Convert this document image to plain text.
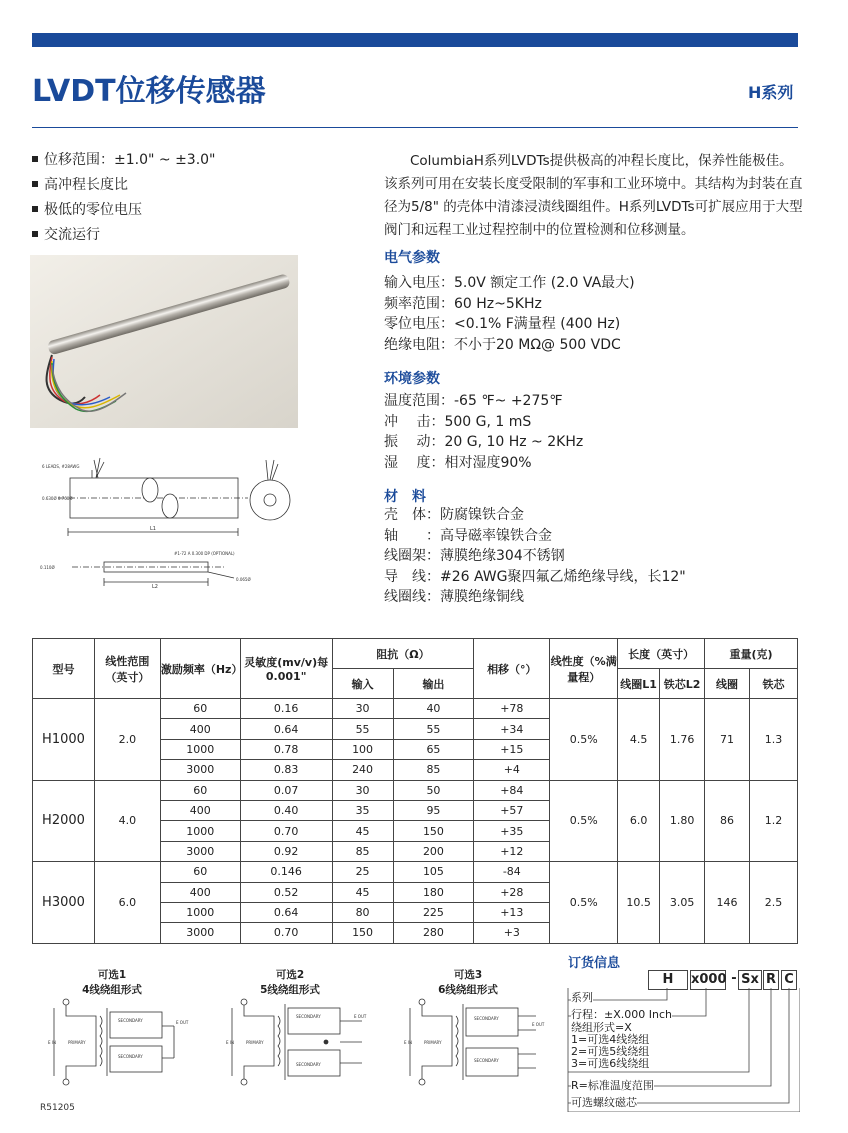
LVDT位移传感器	H系列
位移范围：±1.0" ~ ±3.0"
高冲程长度比
极低的零位电压
交流运行
ColumbiaH系列LVDTs提供极高的冲程长度比，保养性能极佳。该系列可用在安装长度受限制的军事和工业环境中。其结构为封装在直径为5/8" 的壳体中清漆浸渍线圈组件。H系列LVDTs可扩展应用于大型阀门和远程工业过程控制中的位置检测和位移测量。
电气参数
输入电压：5.0V 额定工作 (2.0 VA最大)
频率范围：60 Hz~5KHz
零位电压：<0.1% F满量程 (400 Hz)
绝缘电阻：不小于20 MΩ@ 500 VDC
环境参数
温度范围：-65 ℉~ +275℉
冲　 击：500 G, 1 mS
振　 动：20 G, 10 Hz ~ 2KHz
湿　 度：相对湿度90%
材　料
壳　体：防腐镍铁合金
轴　　：高导磁率镍铁合金
线圈架：薄膜绝缘304不锈钢
导　线：#26 AWG聚四氟乙烯绝缘导线，长12"
线圈线：薄膜绝缘铜线
6 LEADS, #28AWG
0.630Ø 0.760Ø
L1
L2
#1-72 A 0.300 DP (OPTIONAL)
0.110Ø
0.065Ø
型号	线性范围（英寸）	激励频率（Hz）	灵敏度(mv/v)每0.001"	阻抗（Ω）		相移（°）	线性度（%满量程）	长度（英寸）		重量(克)	
				输入	输出			线圈L1	铁芯L2	线圈	铁芯
H1000	2.0	60	0.16	30	40	+78	0.5%	4.5	1.76	71	1.3
		400	0.64	55	55	+34					
		1000	0.78	100	65	+15					
		3000	0.83	240	85	+4					
H2000	4.0	60	0.07	30	50	+84	0.5%	6.0	1.80	86	1.2
		400	0.40	35	95	+57					
		1000	0.70	45	150	+35					
		3000	0.92	85	200	+12					
H3000	6.0	60	0.146	25	105	-84	0.5%	10.5	3.05	146	2.5
		400	0.52	45	180	+28					
		1000	0.64	80	225	+13					
		3000	0.70	150	280	+3					
可选1
4线绕组形式
可选2
5线绕组形式
可选3
6线绕组形式
E IN	PRIMARY
SECONDARY
SECONDARY
E OUT
E IN	PRIMARY
SECONDARY
SECONDARY
E OUT
E IN	PRIMARY
SECONDARY
SECONDARY
E OUT
订货信息
H	x000 - Sx R C
系列
行程：±X.000 Inch
绕组形式=X
1=可选4线绕组
2=可选5线绕组
3=可选6线绕组
R=标准温度范围
可选螺纹磁芯
R51205
